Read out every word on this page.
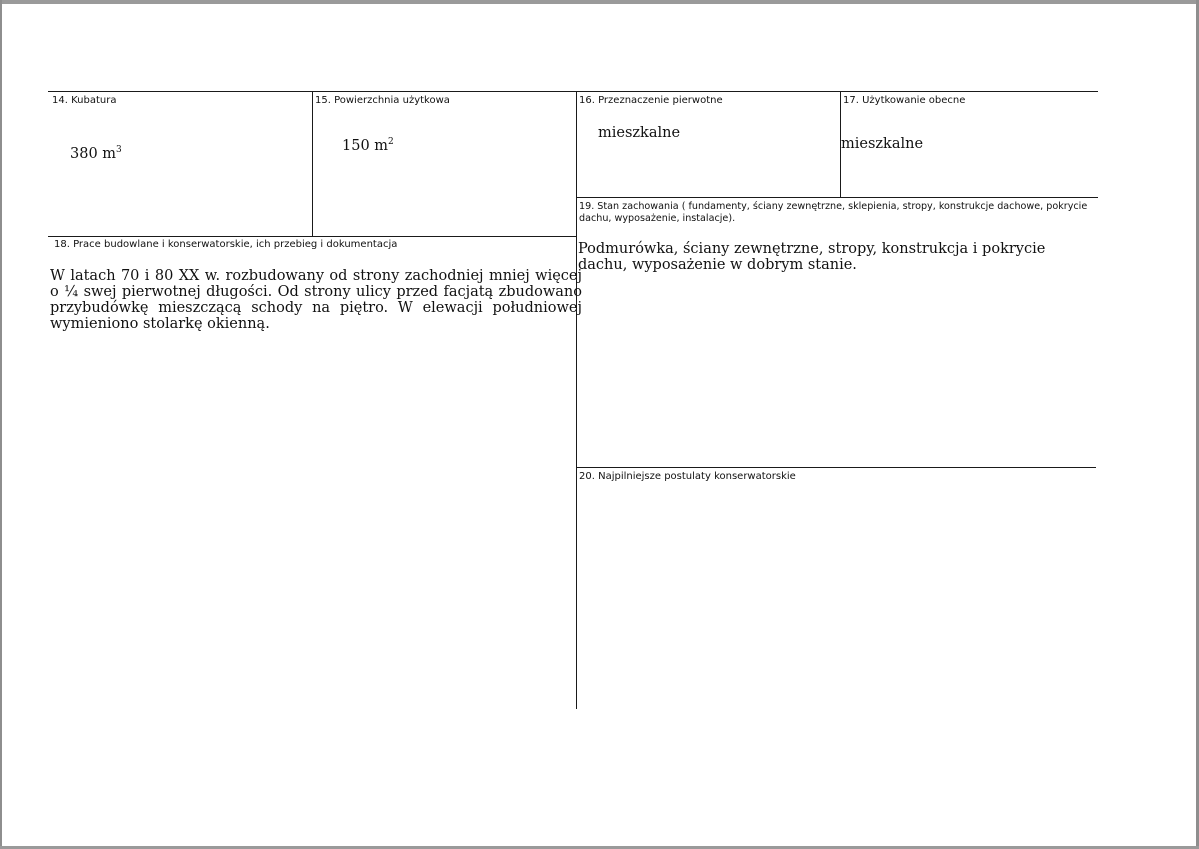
14. Kubatura
380 $m^3$
15. Powierzchnia użytkowa
150 $m^2$
16. Przeznaczenie pierwotne
mieszkalne
17. Użytkowanie obecne
mieszkalne
19. Stan zachowania ( fundamenty, ściany zewnętrzne, sklepienia, stropy, konstrukcje dachowe, pokrycie dachu, wyposażenie, instalacje).
Podmurówka, ściany zewnętrzne, stropy, konstrukcja i pokrycie dachu, wyposażenie w dobrym stanie.
18. Prace budowlane i konserwatorskie, ich przebieg i dokumentacja
W latach 70 i 80 XX w. rozbudowany od strony zachodniej mniej więcej o ¼ swej pierwotnej długości. Od strony ulicy przed facjatą zbudowano przybudówkę mieszczącą schody na piętro. W elewacji południowej wymieniono stolarkę okienną.
20. Najpilniejsze postulaty konserwatorskie
